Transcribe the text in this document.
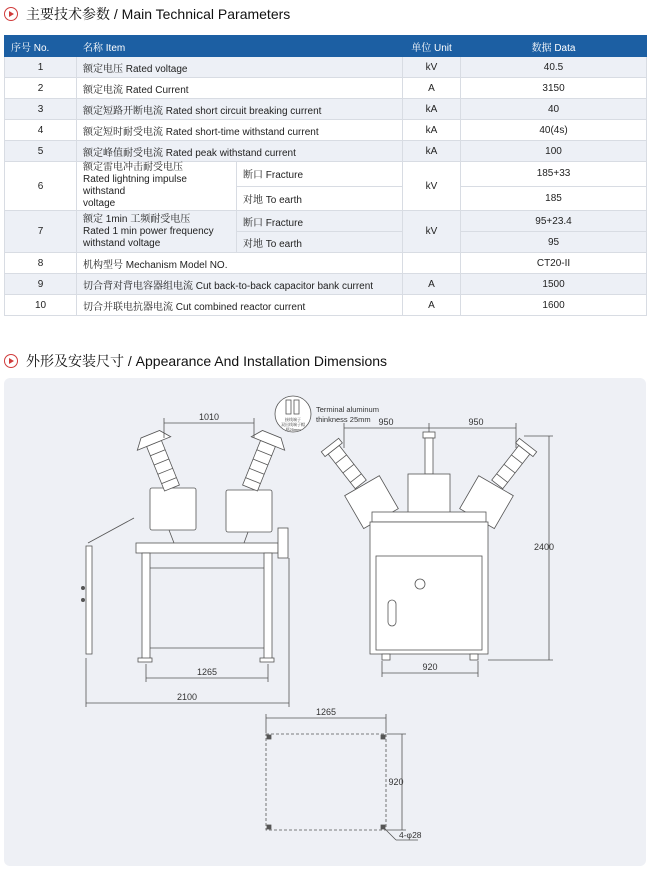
主要技术参数 / Main Technical Parameters
序号 No.	名称 Item		单位 Unit	数据 Data
1	额定电压 Rated voltage		kV	40.5
2	额定电流 Rated Current		A	3150
3	额定短路开断电流 Rated short circuit breaking current		kA	40
4	额定短时耐受电流 Rated short-time withstand current		kA	40(4s)
5	额定峰值耐受电流 Rated peak withstand current		kA	100
6	额定雷电冲击耐受电压
Rated lightning impulse withstand
voltage	断口 Fracture	kV	185+33
		对地 To earth		185
7	额定 1min 工频耐受电压
Rated 1 min power frequency
withstand voltage	断口 Fracture	kV	95+23.4
		对地 To earth		95
8	机构型号 Mechanism Model NO.			CT20-II
9	切合背对背电容器组电流 Cut back-to-back capacitor bank current		A	1500
10	切合并联电抗器电流 Cut combined reactor current		A	1600
外形及安装尺寸 / Appearance And Installation Dimensions
1010
1265
2100
接线端子
双出线端子帽
厚25mm
Terminal aluminum
thinkness 25mm 950	950
920
2400
1265
920
4-φ28
